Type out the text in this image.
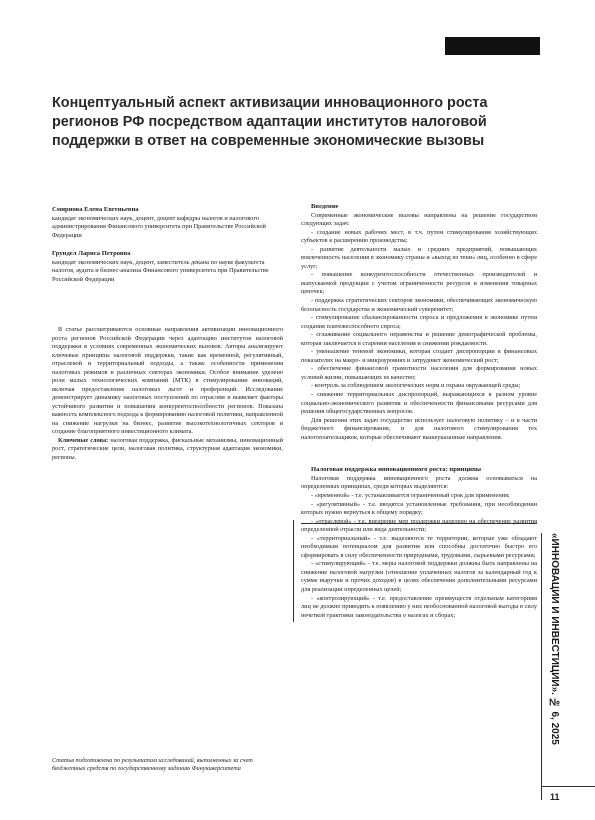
Концептуальный аспект активизации инновационного роста регионов РФ посредством адаптации институтов налоговой поддержки в ответ на современные экономические вызовы
Смирнова Елена Евгеньевна
кандидат экономических наук, доцент, доцент кафедры налогов и налогового администрирования Финансового университета при Правительстве Российской Федерации
Грундел Лариса Петровна
кандидат экономических наук, доцент, заместитель декана по науке факультета налогов, аудита и бизнес-анализа Финансового университета при Правительстве Российской Федерации

В статье рассматриваются основные направления активизации инновационного роста регионов Российской Федерации через адаптацию институтов налоговой поддержки в условиях современных экономических вызовов. Авторы анализируют ключевые принципы налоговой поддержки, такие как временной, регулятивный, отраслевой и территориальный подходы, а также особенности применения налоговых режимов в различных секторах экономики. Особое внимание уделено роли малых технологических компаний (МТК) в стимулировании инноваций, включая предоставление налоговых льгот и преференций. Исследование демонстрирует динамику налоговых поступлений по отраслям и выявляет факторы устойчивого развития и повышения конкурентоспособности регионов. Показана важность комплексного подхода к формированию налоговой политики, направленной на снижение нагрузки на бизнес, развитие высокотехнологичных секторов и создание благоприятного инвестиционного климата.

Ключевые слова: налоговая поддержка, фискальные механизмы, инновационный рост, стратегические цели, налоговая политика, структурная адаптация экономики, регионы.
Статья подготовлена по результатам исследований, выполненных за счет бюджетных средств по государственному заданию Финуниверситета
Введение

Современные экономические вызовы направлены на решение государством следующих задач:

- создание новых рабочих мест, в т.ч. путем стимулирования хозяйствующих субъектов к расширению производства;

- развитие деятельности малых и средних предприятий, повышающих вовлеченность населения в экономику страны и «выход из тени» лиц, особенно в сфере услуг;

- повышение конкурентоспособности отечественных производителей и выпускаемой продукции с учетом ограниченности ресурсов и изменения товарных цепочек;

- поддержка стратегических секторов экономики, обеспечивающих экономическую безопасность государства и экономический суверенитет;

- стимулирование сбалансированности спроса и предложения в экономике путем создания платежеспособного спроса;

- сглаживание социального неравенства и решение демографической проблемы, которая заключается в старении населения и снижении рождаемости.

- уменьшение теневой экономики, которая создает диспропорции в финансовых показателях на макро- и микроуровнях и затрудняет экономический рост;

- обеспечение финансовой грамотности населения для формирования новых условий жизни, повышающих ее качество;

- контроль за соблюдением экологических норм и охрана окружающей среды;

- снижение территориальных диспропорций, выражающихся в разном уровне социально-экономического развития и обеспеченности финансовыми ресурсами для решения общегосударственных вопросов.

Для решения этих задач государство использует налоговую политику – и в части бюджетного финансирования, и для налогового стимулирования тех налогоплательщиков, которые обеспечивают вышеуказанные направления.

Налоговая поддержка инновационного роста: принципы

Налоговая поддержка инновационного роста должна основываться на определенных принципах, среди которых выделяются:

- «временной» - т.е. устанавливается ограниченный срок для применения;

- «регулятивный» - т.е. вводятся установленные требования, при несоблюдении которых нужно вернуться к общему порядку;

- «отраслевой» - т.е. внедрение мер поддержки нацелено на обеспечение развития определенной отрасли или вида деятельности;

- «территориальный» - т.е. выделяются те территории, которые уже обладают необходимым потенциалом для развития или способны достаточно быстро его сформировать в силу обеспеченности природными, трудовыми, сырьевыми ресурсами;

- «стимулирующий» - т.е. меры налоговой поддержки должны быть направлены на снижение налоговой нагрузки (отношение уплаченных налогов за календарный год к сумме выручки и прочих доходов) в целях обеспечения дополнительными ресурсами для реализации определенных целей;

- «контролирующий» - т.е. предоставление преимуществ отдельным категориям лиц не должно приводить к появлению у них необоснованной налоговой выгоды в силу нечеткой трактовки законодательства о налогах и сборах;	«ИННОВАЦИИ И ИНВЕСТИЦИИ». № 6, 2025
11
